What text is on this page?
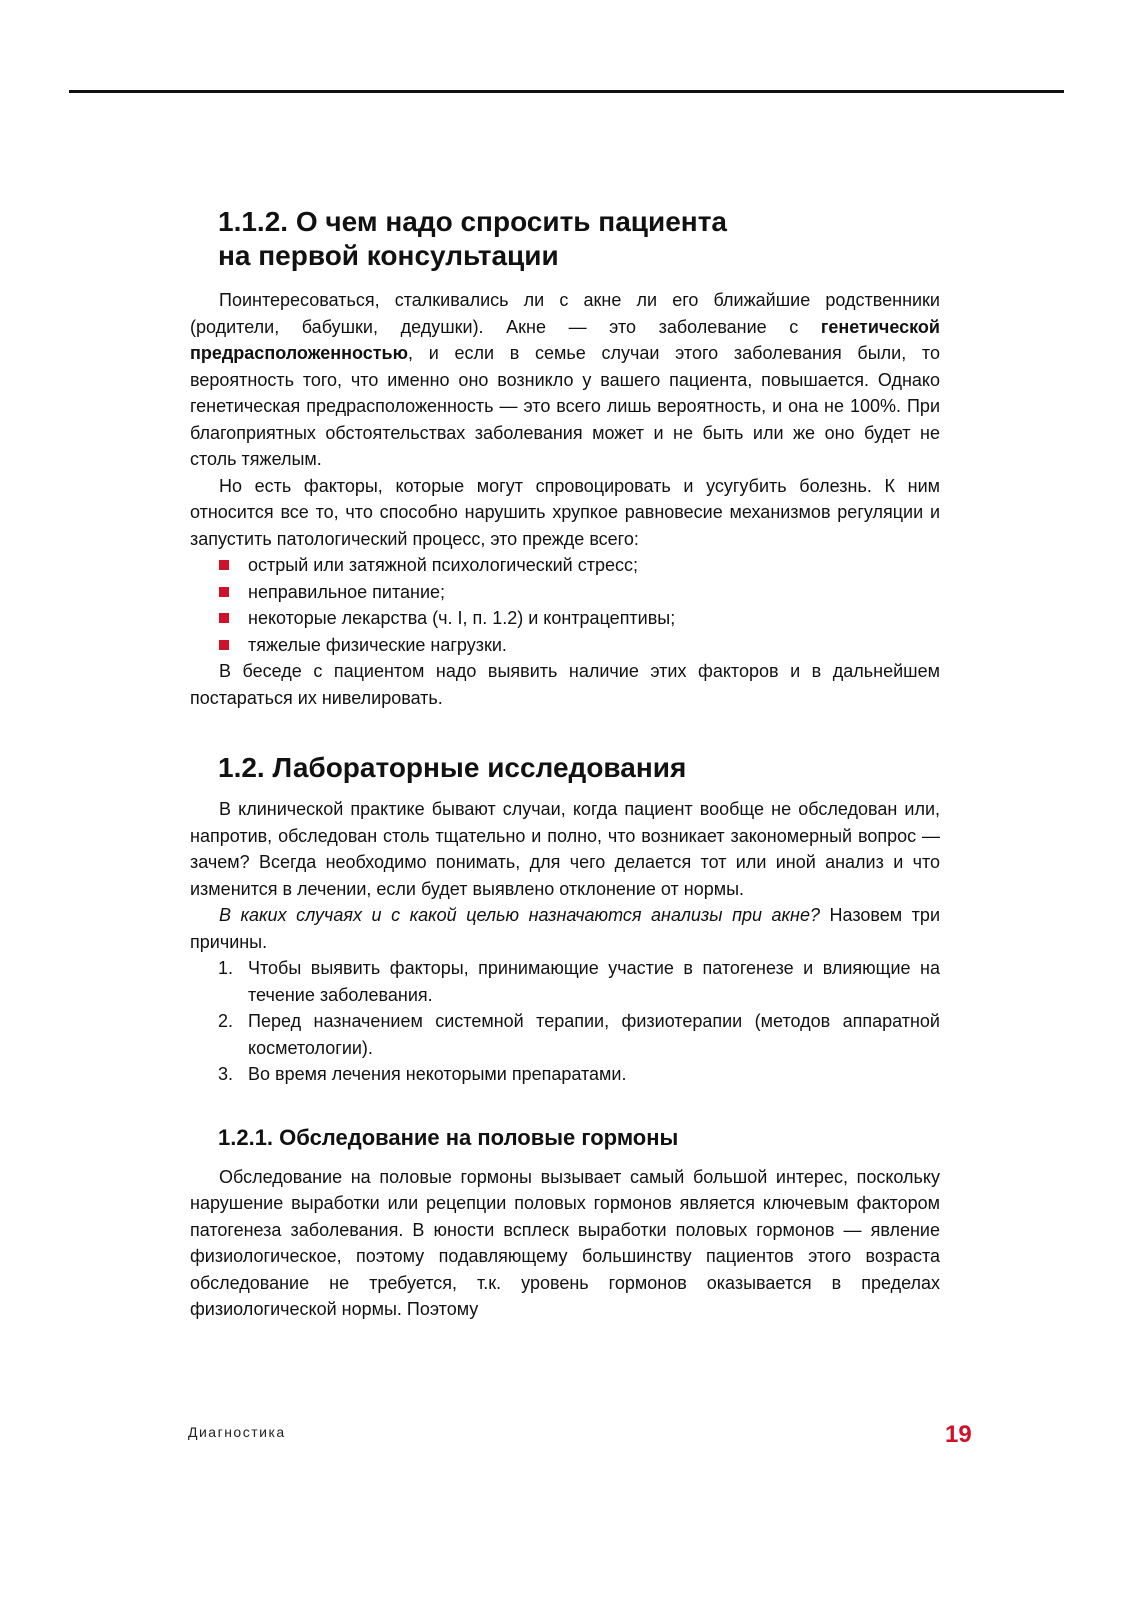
1.1.2. О чем надо спросить пациента
на первой консультации

Поинтересоваться, сталкивались ли с акне ли его ближайшие родственники (родители, бабушки, дедушки). Акне — это заболевание с генетической предрасположенностью, и если в семье случаи этого заболевания были, то вероятность того, что именно оно возникло у вашего пациента, повышается. Однако генетическая предрасположенность — это всего лишь вероятность, и она не 100%. При благоприятных обстоятельствах заболевания может и не быть или же оно будет не столь тяжелым.

Но есть факторы, которые могут спровоцировать и усугубить болезнь. К ним относится все то, что способно нарушить хрупкое равновесие механизмов регуляции и запустить патологический процесс, это прежде всего:

острый или затяжной психологический стресс;
неправильное питание;
некоторые лекарства (ч. I, п. 1.2) и контрацептивы;
тяжелые физические нагрузки.

В беседе с пациентом надо выявить наличие этих факторов и в дальнейшем постараться их нивелировать.

1.2. Лабораторные исследования

В клинической практике бывают случаи, когда пациент вообще не обследован или, напротив, обследован столь тщательно и полно, что возникает закономерный вопрос — зачем? Всегда необходимо понимать, для чего делается тот или иной анализ и что изменится в лечении, если будет выявлено отклонение от нормы.

В каких случаях и с какой целью назначаются анализы при акне? Назовем три причины.

1. Чтобы выявить факторы, принимающие участие в патогенезе и влияющие на течение заболевания.
2. Перед назначением системной терапии, физиотерапии (методов аппаратной косметологии).
3. Во время лечения некоторыми препаратами.
1.2.1. Обследование на половые гормоны

Обследование на половые гормоны вызывает самый большой интерес, поскольку нарушение выработки или рецепции половых гормонов является ключевым фактором патогенеза заболевания. В юности всплеск выработки половых гормонов — явление физиологическое, поэтому подавляющему большинству пациентов этого возраста обследование не требуется, т.к. уровень гормонов оказывается в пределах физиологической нормы. Поэтому

Диагностика	19
